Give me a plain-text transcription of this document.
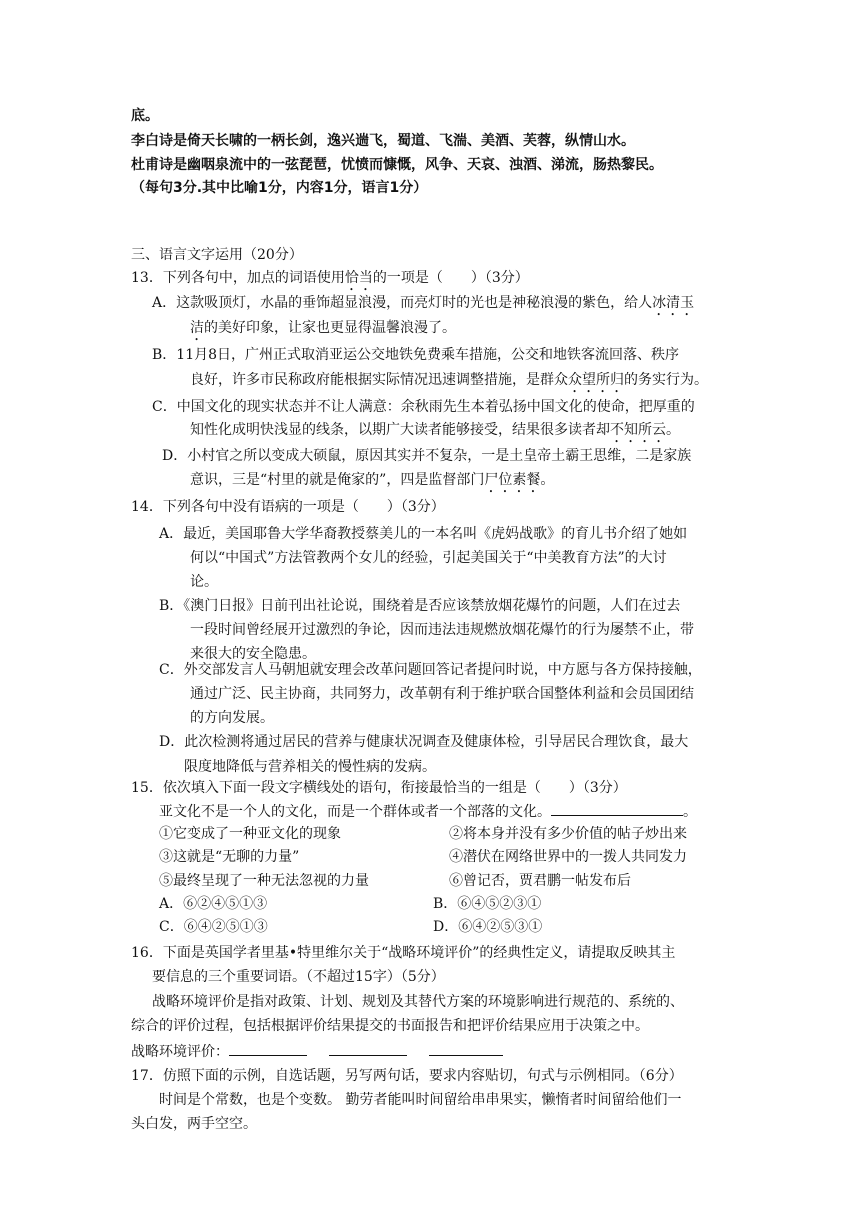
底。
李白诗是倚天长啸的一柄长剑，逸兴遄飞，蜀道、飞湍、美酒、芙蓉，纵情山水。
杜甫诗是幽咽泉流中的一弦琵琶，忧愤而慷慨，风争、天哀、浊酒、涕流，肠热黎民。
（每句3分.其中比喻1分，内容1分，语言1分）
三、语言文字运用（20分）
13．下列各句中，加点的词语使用恰当的一项是（　　）（3分）
A．这款吸顶灯，水晶的垂饰超显浪漫，而亮灯时的光也是神秘浪漫的紫色，给人冰清玉
洁的美好印象，让家也更显得温馨浪漫了。
B．11月8日，广州正式取消亚运公交地铁免费乘车措施，公交和地铁客流回落、秩序
良好，许多市民称政府能根据实际情况迅速调整措施，是群众众望所归的务实行为。
C．中国文化的现实状态并不让人满意：余秋雨先生本着弘扬中国文化的使命，把厚重的
知性化成明快浅显的线条，以期广大读者能够接受，结果很多读者却不知所云。
D．小村官之所以变成大硕鼠，原因其实并不复杂，一是土皇帝土霸王思维，二是家族
意识，三是“村里的就是俺家的”，四是监督部门尸位素餐。
14．下列各句中没有语病的一项是（　　）（3分）
A．最近，美国耶鲁大学华裔教授蔡美儿的一本名叫《虎妈战歌》的育儿书介绍了她如
何以“中国式”方法管教两个女儿的经验，引起美国关于“中美教育方法”的大讨
论。
B．《澳门日报》日前刊出社论说，围绕着是否应该禁放烟花爆竹的问题，人们在过去
一段时间曾经展开过激烈的争论，因而违法违规燃放烟花爆竹的行为屡禁不止，带
来很大的安全隐患。
C．外交部发言人马朝旭就安理会改革问题回答记者提问时说，中方愿与各方保持接触，
通过广泛、民主协商，共同努力，改革朝有利于维护联合国整体利益和会员国团结
的方向发展。
D．此次检测将通过居民的营养与健康状况调查及健康体检，引导居民合理饮食，最大
限度地降低与营养相关的慢性病的发病。
15．依次填入下面一段文字横线处的语句，衔接最恰当的一组是（　　）（3分）
亚文化不是一个人的文化，而是一个群体或者一个部落的文化。	。
①它变成了一种亚文化的现象	②将本身并没有多少价值的帖子炒出来
③这就是“无聊的力量”	④潜伏在网络世界中的一拨人共同发力
⑤最终呈现了一种无法忽视的力量	⑥曾记否，贾君鹏一帖发布后
A．⑥②④⑤①③	B．⑥④⑤②③①
C．⑥④②⑤①③	D．⑥④②⑤③①
16．下面是英国学者里基•特里维尔关于“战略环境评价”的经典性定义，请提取反映其主
要信息的三个重要词语。（不超过15字）（5分）
战略环境评价是指对政策、计划、规划及其替代方案的环境影响进行规范的、系统的、
综合的评价过程，包括根据评价结果提交的书面报告和把评价结果应用于决策之中。
战略环境评价：
17．仿照下面的示例，自选话题，另写两句话，要求内容贴切，句式与示例相同。（6分）
时间是个常数，也是个变数。 勤劳者能叫时间留给串串果实，懒惰者时间留给他们一
头白发，两手空空。
